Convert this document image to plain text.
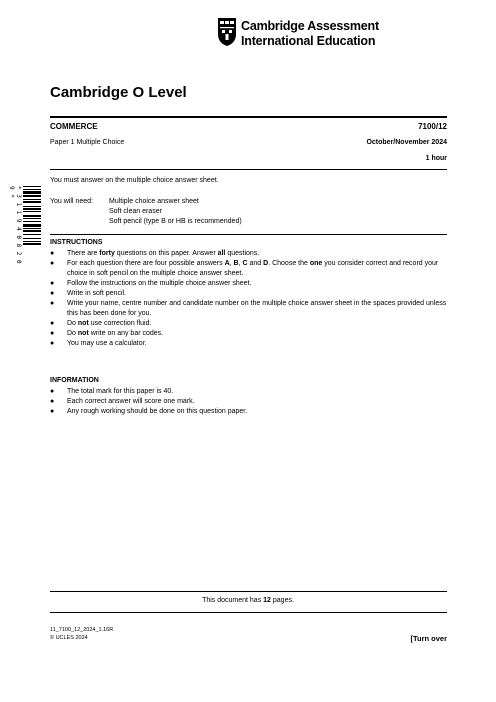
Cambridge Assessment
International Education
Cambridge O Level
COMMERCE	7100/12
Paper 1 Multiple Choice	October/November 2024
1 hour
* 3 1 1 9 4 0 8 2 0 9 *
You must answer on the multiple choice answer sheet.
You will need: Multiple choice answer sheet
Soft clean eraser
Soft pencil (type B or HB is recommended)
INSTRUCTIONS
● There are forty questions on this paper. Answer all questions.
● For each question there are four possible answers A, B, C and D. Choose the one you consider correct and record your choice in soft pencil on the multiple choice answer sheet.
● Follow the instructions on the multiple choice answer sheet.
● Write in soft pencil.
● Write your name, centre number and candidate number on the multiple choice answer sheet in the spaces provided unless this has been done for you.
● Do not use correction fluid.
● Do not write on any bar codes.
● You may use a calculator.
INFORMATION
● The total mark for this paper is 40.
● Each correct answer will score one mark.
● Any rough working should be done on this question paper.
This document has 12 pages.
11_7100_12_2024_1.16R
© UCLES 2024	[Turn over
